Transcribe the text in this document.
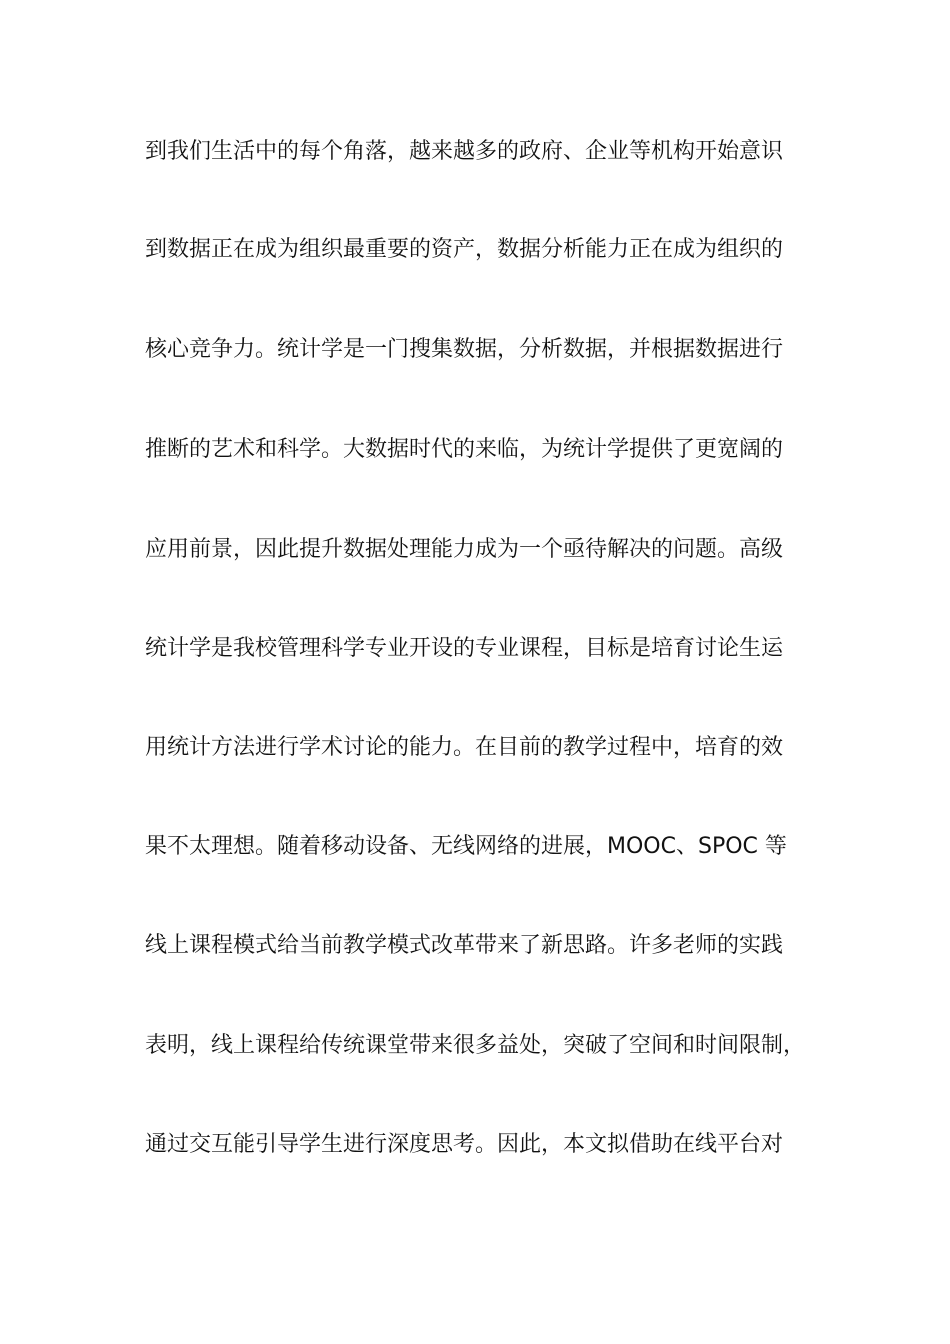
到我们生活中的每个角落，越来越多的政府、企业等机构开始意识
到数据正在成为组织最重要的资产，数据分析能力正在成为组织的
核心竞争力。统计学是一门搜集数据，分析数据，并根据数据进行
推断的艺术和科学。大数据时代的来临，为统计学提供了更宽阔的
应用前景，因此提升数据处理能力成为一个亟待解决的问题。高级
统计学是我校管理科学专业开设的专业课程，目标是培育讨论生运
用统计方法进行学术讨论的能力。在目前的教学过程中，培育的效
果不太理想。随着移动设备、无线网络的进展，MOOC、SPOC 等
线上课程模式给当前教学模式改革带来了新思路。许多老师的实践
表明，线上课程给传统课堂带来很多益处，突破了空间和时间限制，
通过交互能引导学生进行深度思考。因此，本文拟借助在线平台对
